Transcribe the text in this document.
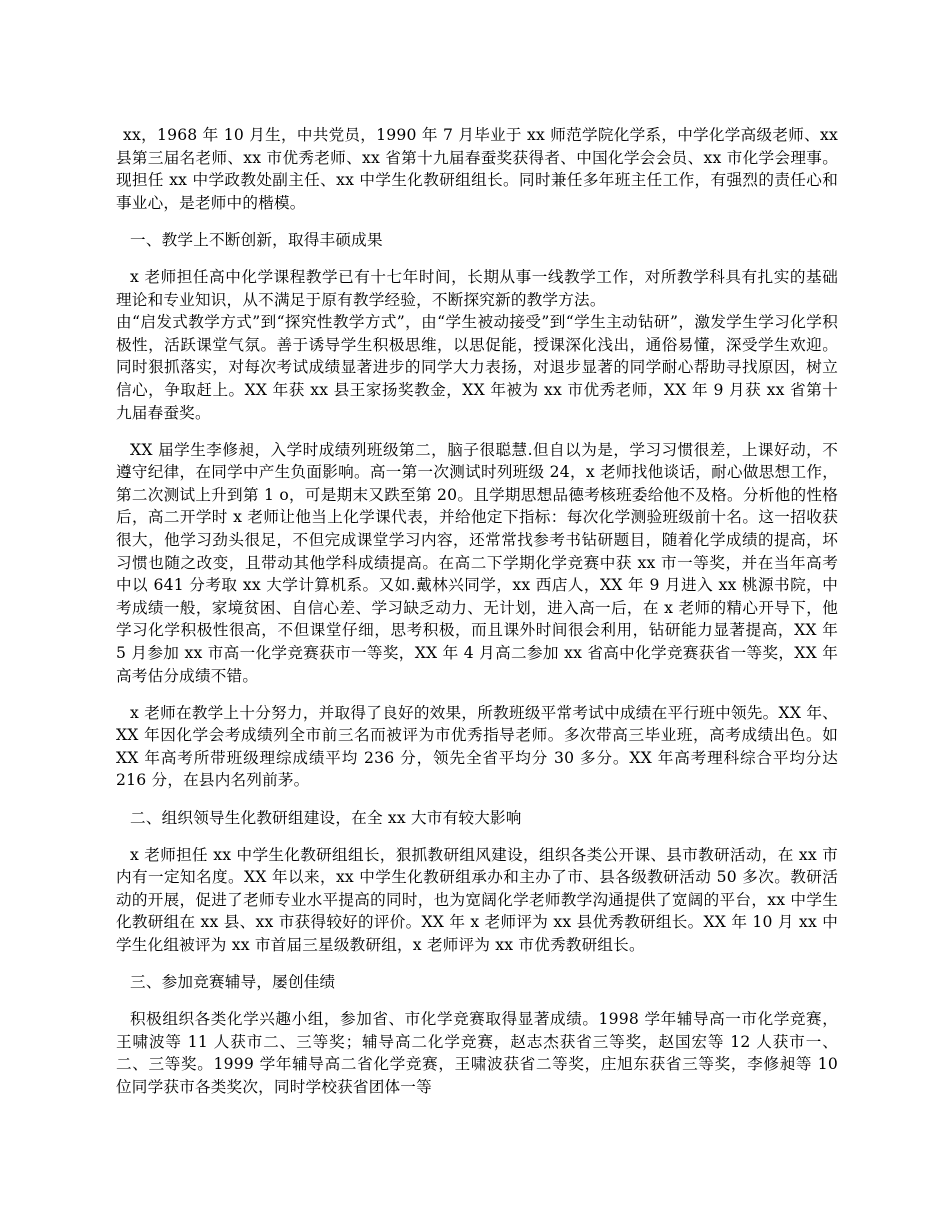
xx，1968 年 10 月生，中共党员，1990 年 7 月毕业于 xx 师范学院化学系，中学化学高级老师、xx 县第三届名老师、xx 市优秀老师、xx 省第十九届春蚕奖获得者、中国化学会会员、xx 市化学会理事。现担任 xx 中学政教处副主任、xx 中学生化教研组组长。同时兼任多年班主任工作，有强烈的责任心和事业心，是老师中的楷模。

一、教学上不断创新，取得丰硕成果

x 老师担任高中化学课程教学已有十七年时间，长期从事一线教学工作，对所教学科具有扎实的基础理论和专业知识，从不满足于原有教学经验，不断探究新的教学方法。
由“启发式教学方式”到“探究性教学方式”，由“学生被动接受”到“学生主动钻研”，激发学生学习化学积极性，活跃课堂气氛。善于诱导学生积极思维，以思促能，授课深化浅出，通俗易懂，深受学生欢迎。同时狠抓落实，对每次考试成绩显著进步的同学大力表扬，对退步显著的同学耐心帮助寻找原因，树立信心，争取赶上。XX 年获 xx 县王家扬奖教金，XX 年被为 xx 市优秀老师，XX 年 9 月获 xx 省第十九届春蚕奖。

XX 届学生李修昶，入学时成绩列班级第二，脑子很聪慧.但自以为是，学习习惯很差，上课好动，不遵守纪律，在同学中产生负面影响。高一第一次测试时列班级 24，x 老师找他谈话，耐心做思想工作，第二次测试上升到第 1 o，可是期末又跌至第 20。且学期思想品德考核班委给他不及格。分析他的性格后，高二开学时 x 老师让他当上化学课代表，并给他定下指标：每次化学测验班级前十名。这一招收获很大，他学习劲头很足，不但完成课堂学习内容，还常常找参考书钻研题目，随着化学成绩的提高，坏习惯也随之改变，且带动其他学科成绩提高。在高二下学期化学竞赛中获 xx 市一等奖，并在当年高考中以 641 分考取 xx 大学计算机系。又如.戴林兴同学，xx 西店人，XX 年 9 月进入 xx 桃源书院，中考成绩一般，家境贫困、自信心差、学习缺乏动力、无计划，进入高一后，在 x 老师的精心开导下，他学习化学积极性很高，不但课堂仔细，思考积极，而且课外时间很会利用，钻研能力显著提高，XX 年 5 月参加 xx 市高一化学竞赛获市一等奖，XX 年 4 月高二参加 xx 省高中化学竞赛获省一等奖，XX 年高考估分成绩不错。

x 老师在教学上十分努力，并取得了良好的效果，所教班级平常考试中成绩在平行班中领先。XX 年、XX 年因化学会考成绩列全市前三名而被评为市优秀指导老师。多次带高三毕业班，高考成绩出色。如 XX 年高考所带班级理综成绩平均 236 分，领先全省平均分 30 多分。XX 年高考理科综合平均分达 216 分，在县内名列前茅。

二、组织领导生化教研组建设，在全 xx 大市有较大影响

x 老师担任 xx 中学生化教研组组长，狠抓教研组风建设，组织各类公开课、县市教研活动，在 xx 市内有一定知名度。XX 年以来，xx 中学生化教研组承办和主办了市、县各级教研活动 50 多次。教研活动的开展，促进了老师专业水平提高的同时，也为宽阔化学老师教学沟通提供了宽阔的平台，xx 中学生化教研组在 xx 县、xx 市获得较好的评价。XX 年 x 老师评为 xx 县优秀教研组长。XX 年 10 月 xx 中学生化组被评为 xx 市首届三星级教研组，x 老师评为 xx 市优秀教研组长。

三、参加竞赛辅导，屡创佳绩

积极组织各类化学兴趣小组，参加省、市化学竞赛取得显著成绩。1998 学年辅导高一市化学竞赛，王啸波等 11 人获市二、三等奖；辅导高二化学竞赛，赵志杰获省三等奖，赵国宏等 12 人获市一、二、三等奖。1999 学年辅导高二省化学竞赛，王啸波获省二等奖，庄旭东获省三等奖，李修昶等 10 位同学获市各类奖次，同时学校获省团体一等
